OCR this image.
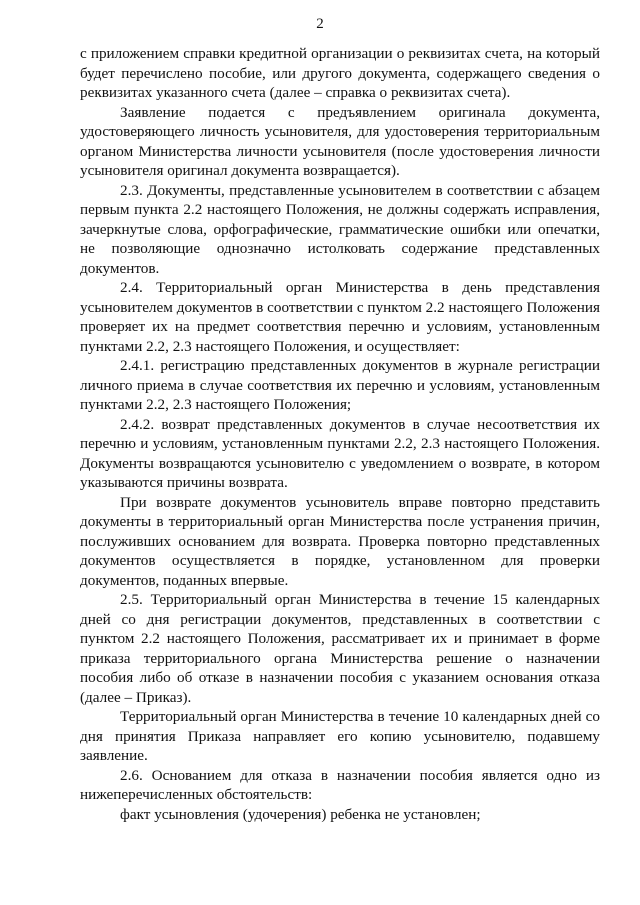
2

с приложением справки кредитной организации о реквизитах счета, на который будет перечислено пособие, или другого документа, содержащего сведения о реквизитах указанного счета (далее – справка о реквизитах счета).

Заявление подается с предъявлением оригинала документа, удостоверяющего личность усыновителя, для удостоверения территориальным органом Министерства личности усыновителя (после удостоверения личности усыновителя оригинал документа возвращается).

2.3. Документы, представленные усыновителем в соответствии с абзацем первым пункта 2.2 настоящего Положения, не должны содержать исправления, зачеркнутые слова, орфографические, грамматические ошибки или опечатки, не позволяющие однозначно истолковать содержание представленных документов.

2.4. Территориальный орган Министерства в день представления усыновителем документов в соответствии с пунктом 2.2 настоящего Положения проверяет их на предмет соответствия перечню и условиям, установленным пунктами 2.2, 2.3 настоящего Положения, и осуществляет:

2.4.1. регистрацию представленных документов в журнале регистрации личного приема в случае соответствия их перечню и условиям, установленным пунктами 2.2, 2.3 настоящего Положения;

2.4.2. возврат представленных документов в случае несоответствия их перечню и условиям, установленным пунктами 2.2, 2.3 настоящего Положения. Документы возвращаются усыновителю с уведомлением о возврате, в котором указываются причины возврата.

При возврате документов усыновитель вправе повторно представить документы в территориальный орган Министерства после устранения причин, послуживших основанием для возврата. Проверка повторно представленных документов осуществляется в порядке, установленном для проверки документов, поданных впервые.

2.5. Территориальный орган Министерства в течение 15 календарных дней со дня регистрации документов, представленных в соответствии с пунктом 2.2 настоящего Положения, рассматривает их и принимает в форме приказа территориального органа Министерства решение о назначении пособия либо об отказе в назначении пособия с указанием основания отказа (далее – Приказ).

Территориальный орган Министерства в течение 10 календарных дней со дня принятия Приказа направляет его копию усыновителю, подавшему заявление.

2.6. Основанием для отказа в назначении пособия является одно из нижеперечисленных обстоятельств:

факт усыновления (удочерения) ребенка не установлен;
